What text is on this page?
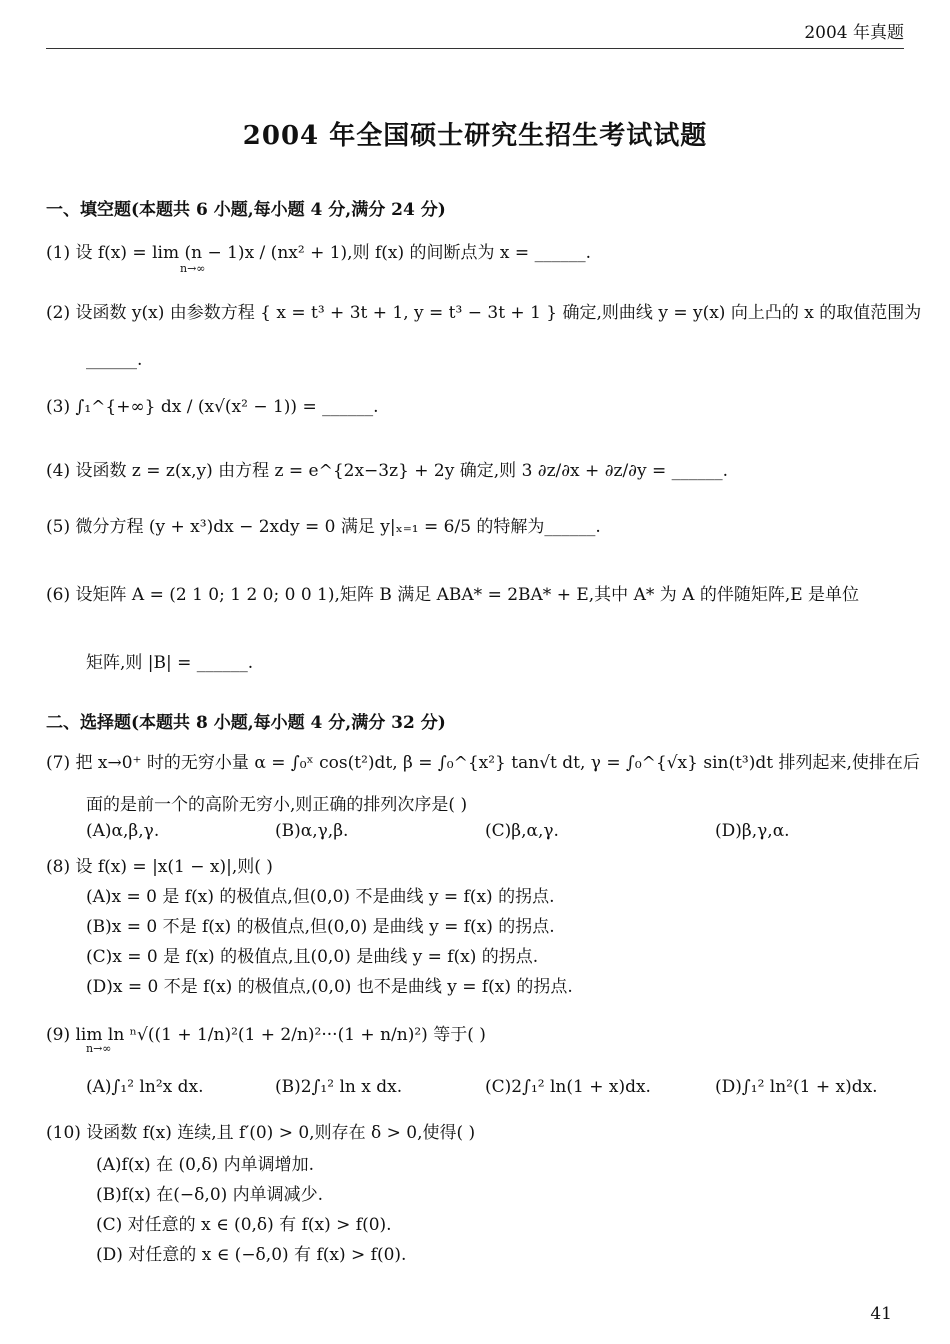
2004 年真题
2004 年全国硕士研究生招生考试试题
一、填空题(本题共 6 小题,每小题 4 分,满分 24 分)
(1) 设 f(x) = lim (n − 1)x / (nx² + 1),则 f(x) 的间断点为 x = ______.
n→∞
(2) 设函数 y(x) 由参数方程 { x = t³ + 3t + 1, y = t³ − 3t + 1 } 确定,则曲线 y = y(x) 向上凸的 x 的取值范围为
______.
(3) ∫₁^{+∞} dx / (x√(x² − 1)) = ______.
(4) 设函数 z = z(x,y) 由方程 z = e^{2x−3z} + 2y 确定,则 3 ∂z/∂x + ∂z/∂y = ______.
(5) 微分方程 (y + x³)dx − 2xdy = 0 满足 y|ₓ₌₁ = 6/5 的特解为______.
(6) 设矩阵 A = (2 1 0; 1 2 0; 0 0 1),矩阵 B 满足 ABA* = 2BA* + E,其中 A* 为 A 的伴随矩阵,E 是单位
矩阵,则 |B| = ______.
二、选择题(本题共 8 小题,每小题 4 分,满分 32 分)
(7) 把 x→0⁺ 时的无穷小量 α = ∫₀ˣ cos(t²)dt, β = ∫₀^{x²} tan√t dt, γ = ∫₀^{√x} sin(t³)dt 排列起来,使排在后
面的是前一个的高阶无穷小,则正确的排列次序是( )
(A)α,β,γ.	(B)α,γ,β.	(C)β,α,γ.	(D)β,γ,α.
(8) 设 f(x) = |x(1 − x)|,则( )
(A)x = 0 是 f(x) 的极值点,但(0,0) 不是曲线 y = f(x) 的拐点.
(B)x = 0 不是 f(x) 的极值点,但(0,0) 是曲线 y = f(x) 的拐点.
(C)x = 0 是 f(x) 的极值点,且(0,0) 是曲线 y = f(x) 的拐点.
(D)x = 0 不是 f(x) 的极值点,(0,0) 也不是曲线 y = f(x) 的拐点.
(9) lim ln ⁿ√((1 + 1/n)²(1 + 2/n)²···(1 + n/n)²) 等于( )
n→∞
(A)∫₁² ln²x dx.	(B)2∫₁² ln x dx.	(C)2∫₁² ln(1 + x)dx.	(D)∫₁² ln²(1 + x)dx.
(10) 设函数 f(x) 连续,且 f′(0) > 0,则存在 δ > 0,使得( )
(A)f(x) 在 (0,δ) 内单调增加.
(B)f(x) 在(−δ,0) 内单调减少.
(C) 对任意的 x ∈ (0,δ) 有 f(x) > f(0).
(D) 对任意的 x ∈ (−δ,0) 有 f(x) > f(0).
41
